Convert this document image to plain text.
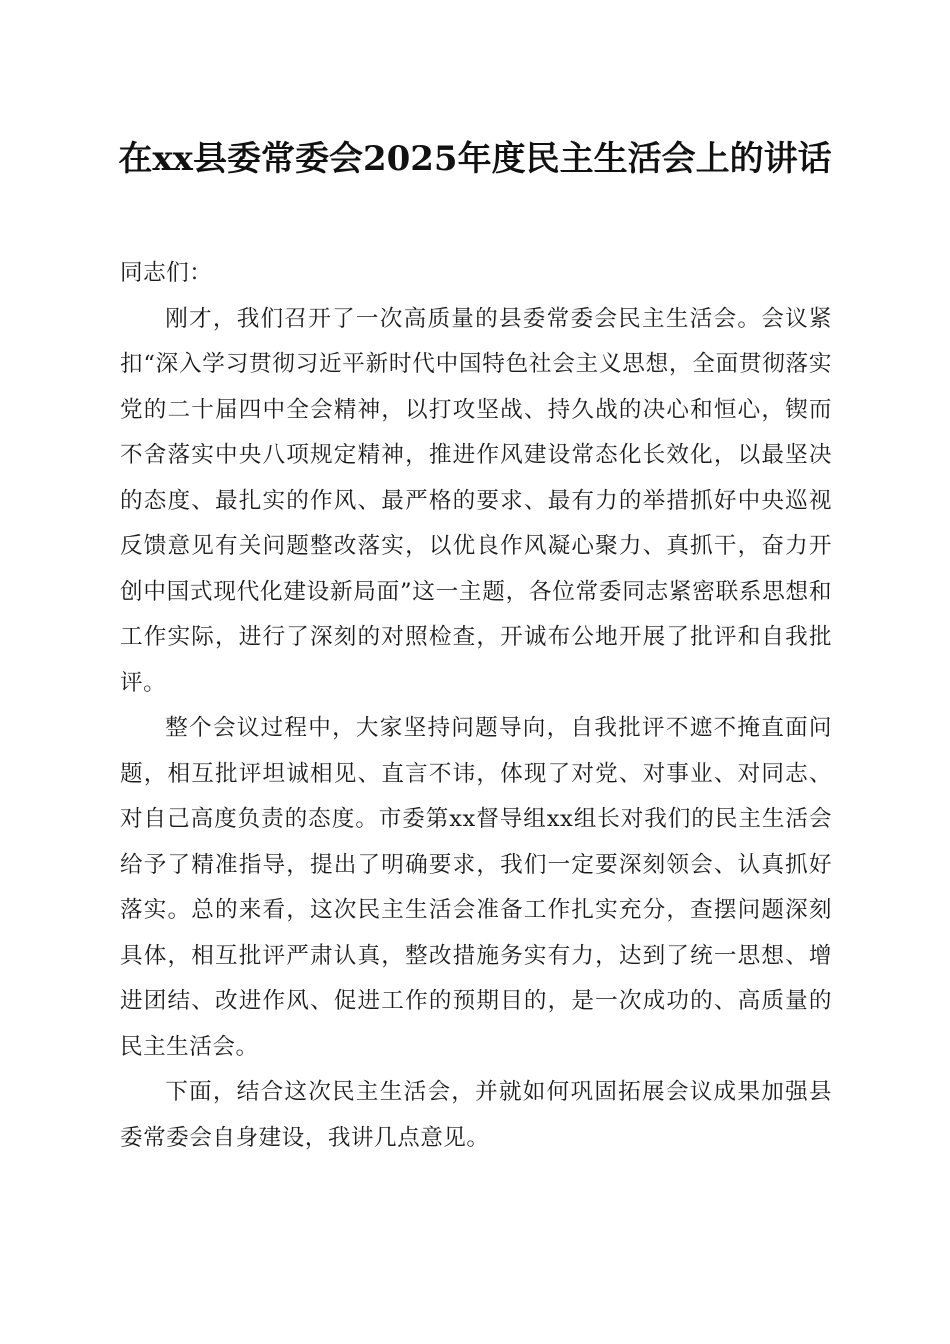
在xx县委常委会2025年度民主生活会上的讲话

同志们：

刚才，我们召开了一次高质量的县委常委会民主生活会。会议紧扣“深入学习贯彻习近平新时代中国特色社会主义思想，全面贯彻落实党的二十届四中全会精神，以打攻坚战、持久战的决心和恒心，锲而不舍落实中央八项规定精神，推进作风建设常态化长效化，以最坚决的态度、最扎实的作风、最严格的要求、最有力的举措抓好中央巡视反馈意见有关问题整改落实，以优良作风凝心聚力、真抓干，奋力开创中国式现代化建设新局面”这一主题，各位常委同志紧密联系思想和工作实际，进行了深刻的对照检查，开诚布公地开展了批评和自我批评。

整个会议过程中，大家坚持问题导向，自我批评不遮不掩直面问题，相互批评坦诚相见、直言不讳，体现了对党、对事业、对同志、对自己高度负责的态度。市委第xx督导组xx组长对我们的民主生活会给予了精准指导，提出了明确要求，我们一定要深刻领会、认真抓好落实。总的来看，这次民主生活会准备工作扎实充分，查摆问题深刻具体，相互批评严肃认真，整改措施务实有力，达到了统一思想、增进团结、改进作风、促进工作的预期目的，是一次成功的、高质量的民主生活会。

下面，结合这次民主生活会，并就如何巩固拓展会议成果加强县委常委会自身建设，我讲几点意见。
